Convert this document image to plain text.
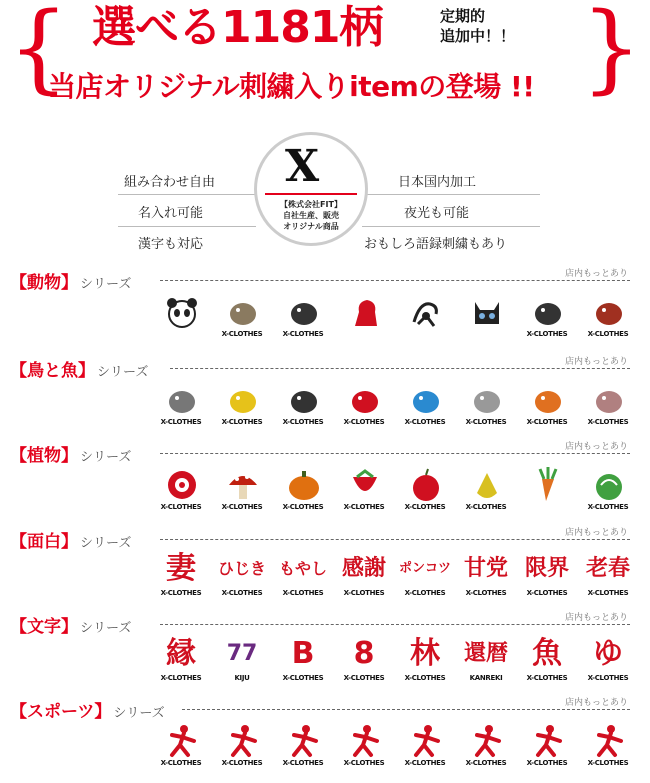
{	}
選べる1181柄	定期的
追加中！！
当店オリジナル刺繍入りitemの登場 !!
組み合わせ自由
名入れ可能
漢字も対応
日本国内加工
夜光も可能
おもしろ語録刺繍もあり
X
【株式会社FIT】
自社生産、販売
オリジナル商品
【動物】 シリーズ
店内もっとあり
X-CLOTHES	X-CLOTHES	X-CLOTHES	X-CLOTHES
【鳥と魚】 シリーズ
店内もっとあり
X-CLOTHES	X-CLOTHES	X-CLOTHES	X-CLOTHES	X-CLOTHES	X-CLOTHES	X-CLOTHES	X-CLOTHES
【植物】 シリーズ
店内もっとあり
X-CLOTHES	X-CLOTHES	X-CLOTHES	X-CLOTHES	X-CLOTHES	X-CLOTHES	X-CLOTHES
【面白】 シリーズ
店内もっとあり
妻
X-CLOTHES
ひじき
X-CLOTHES
もやし
X-CLOTHES
感謝
X-CLOTHES
ポンコツ
X-CLOTHES
甘党
X-CLOTHES
限界
X-CLOTHES
老春
X-CLOTHES
【文字】 シリーズ
店内もっとあり
縁
X-CLOTHES
77
KIJU
B
X-CLOTHES
8
X-CLOTHES
林
X-CLOTHES
還暦
KANREKI
魚
X-CLOTHES
ゆ
X-CLOTHES
【スポーツ】 シリーズ
店内もっとあり
X-CLOTHES	X-CLOTHES	X-CLOTHES	X-CLOTHES	X-CLOTHES	X-CLOTHES	X-CLOTHES	X-CLOTHES
